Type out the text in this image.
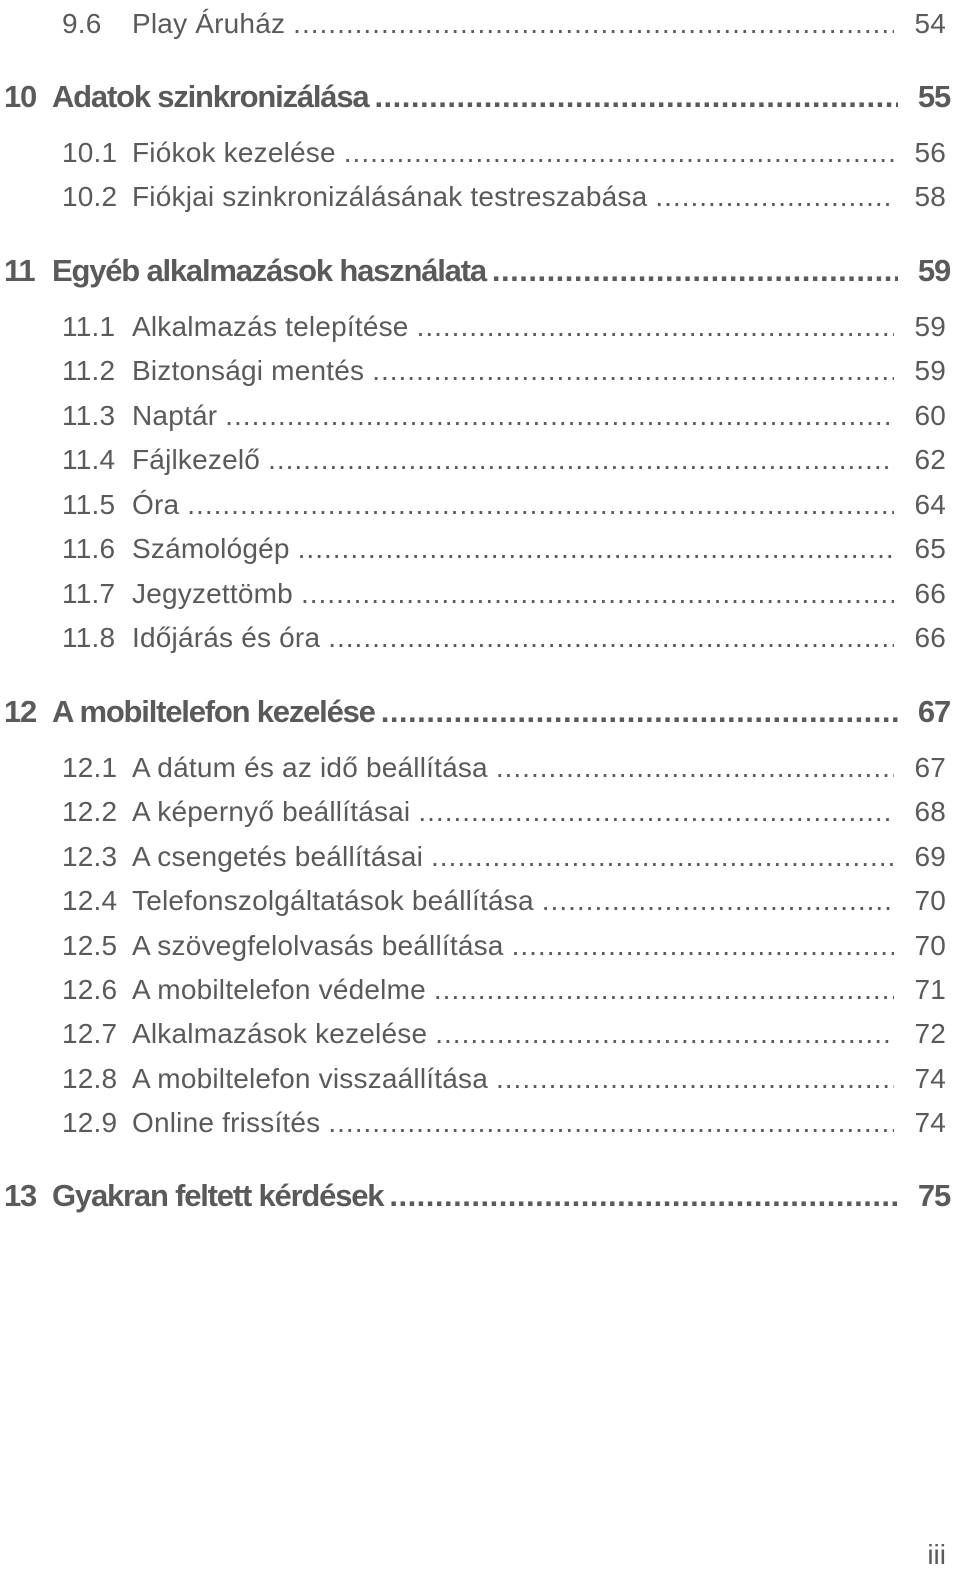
9.6	Play Áruház .....	54
10 Adatok szinkronizálása .....	55
10.1 Fiókok kezelése .....	56
10.2 Fiókjai szinkronizálásának testreszabása .....	58
11 Egyéb alkalmazások használata .....	59
11.1 Alkalmazás telepítése .....	59
11.2 Biztonsági mentés .....	59
11.3 Naptár .....	60
11.4 Fájlkezelő .....	62
11.5 Óra .....	64
11.6 Számológép .....	65
11.7 Jegyzettömb .....	66
11.8 Időjárás és óra .....	66
12 A mobiltelefon kezelése .....	67
12.1 A dátum és az idő beállítása .....	67
12.2 A képernyő beállításai .....	68
12.3 A csengetés beállításai .....	69
12.4 Telefonszolgáltatások beállítása .....	70
12.5 A szövegfelolvasás beállítása .....	70
12.6 A mobiltelefon védelme .....	71
12.7 Alkalmazások kezelése .....	72
12.8 A mobiltelefon visszaállítása .....	74
12.9 Online frissítés .....	74
13 Gyakran feltett kérdések .....	75
iii
